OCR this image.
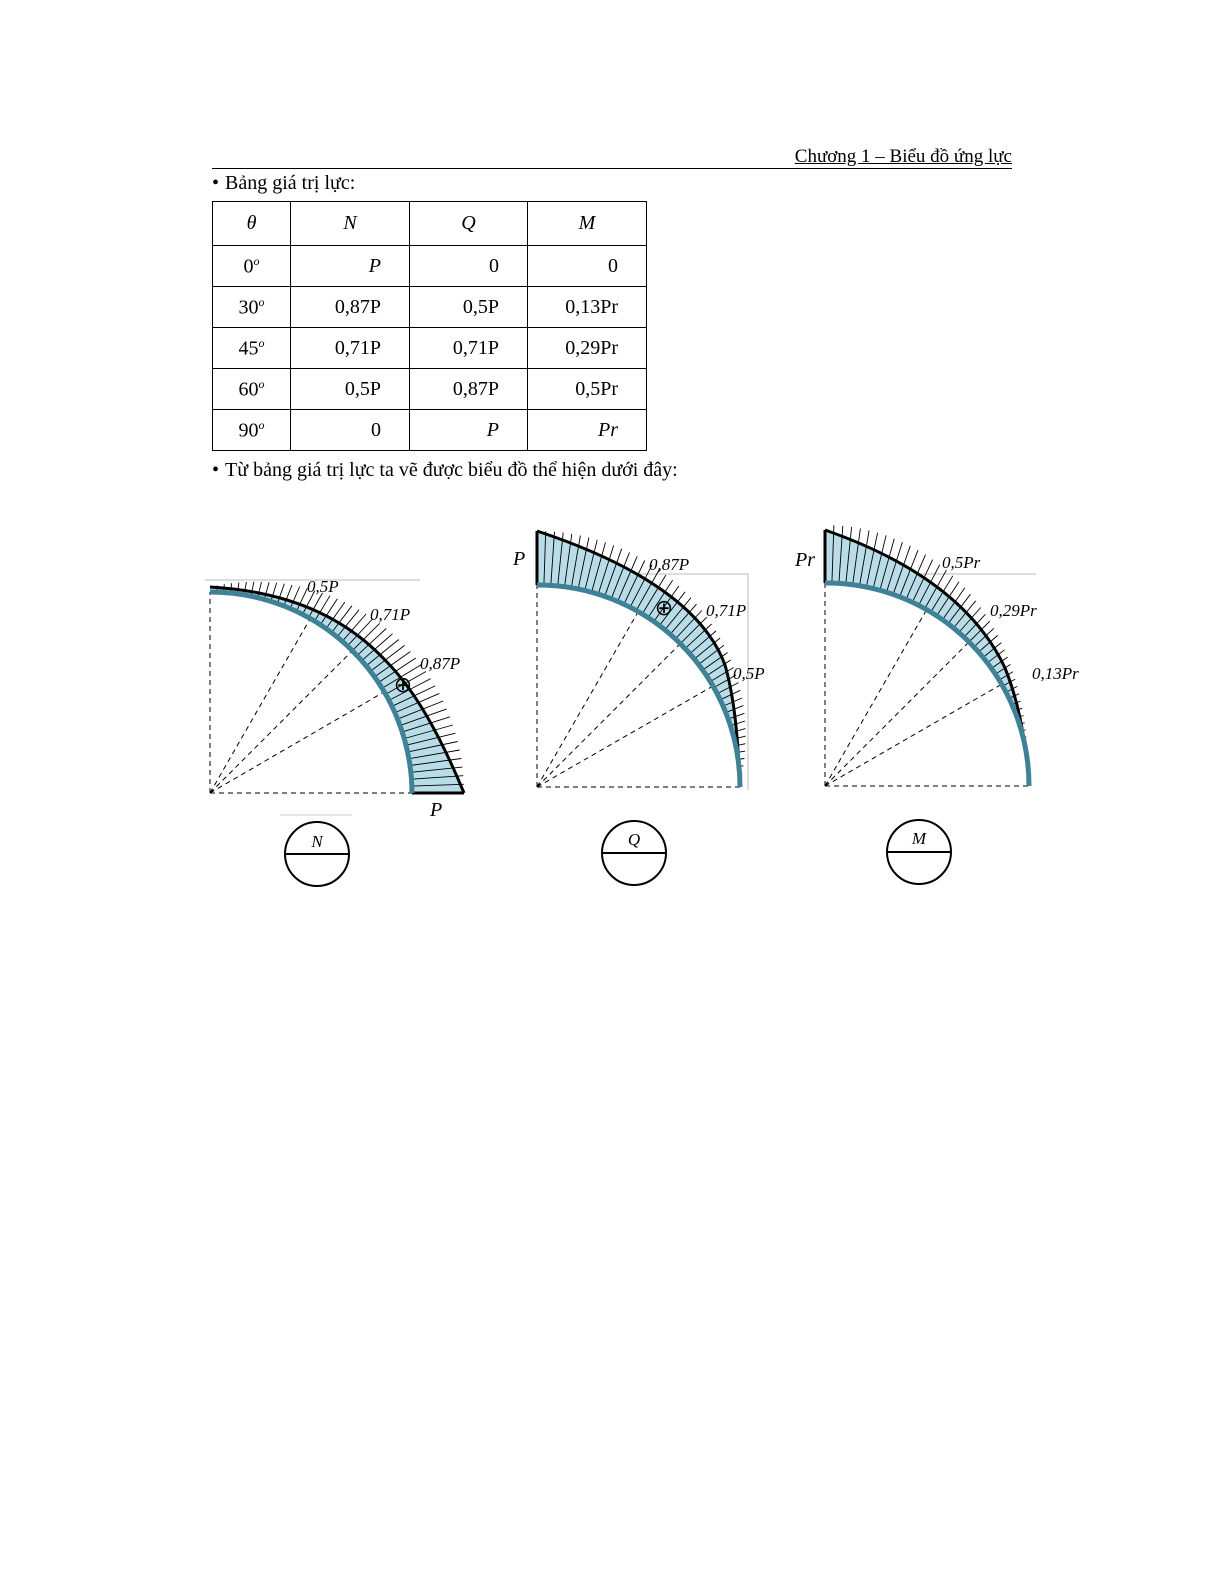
Chương 1 – Biểu đồ ứng lực
• Bảng giá trị lực:
θ	N	Q	M
0$^o$	P	0	0
30$^o$	0,87P	0,5P	0,13Pr
45$^o$	0,71P	0,71P	0,29Pr
60$^o$	0,5P	0,87P	0,5Pr
90$^o$	0	P	Pr
• Từ bảng giá trị lực ta vẽ được biểu đồ thể hiện dưới đây:
0,5P
0,71P
0,87P
P
⊕
N
P	0,87P
0,71P
0,5P
⊕
Q
Pr	0,5Pr
0,29Pr
0,13Pr
M
